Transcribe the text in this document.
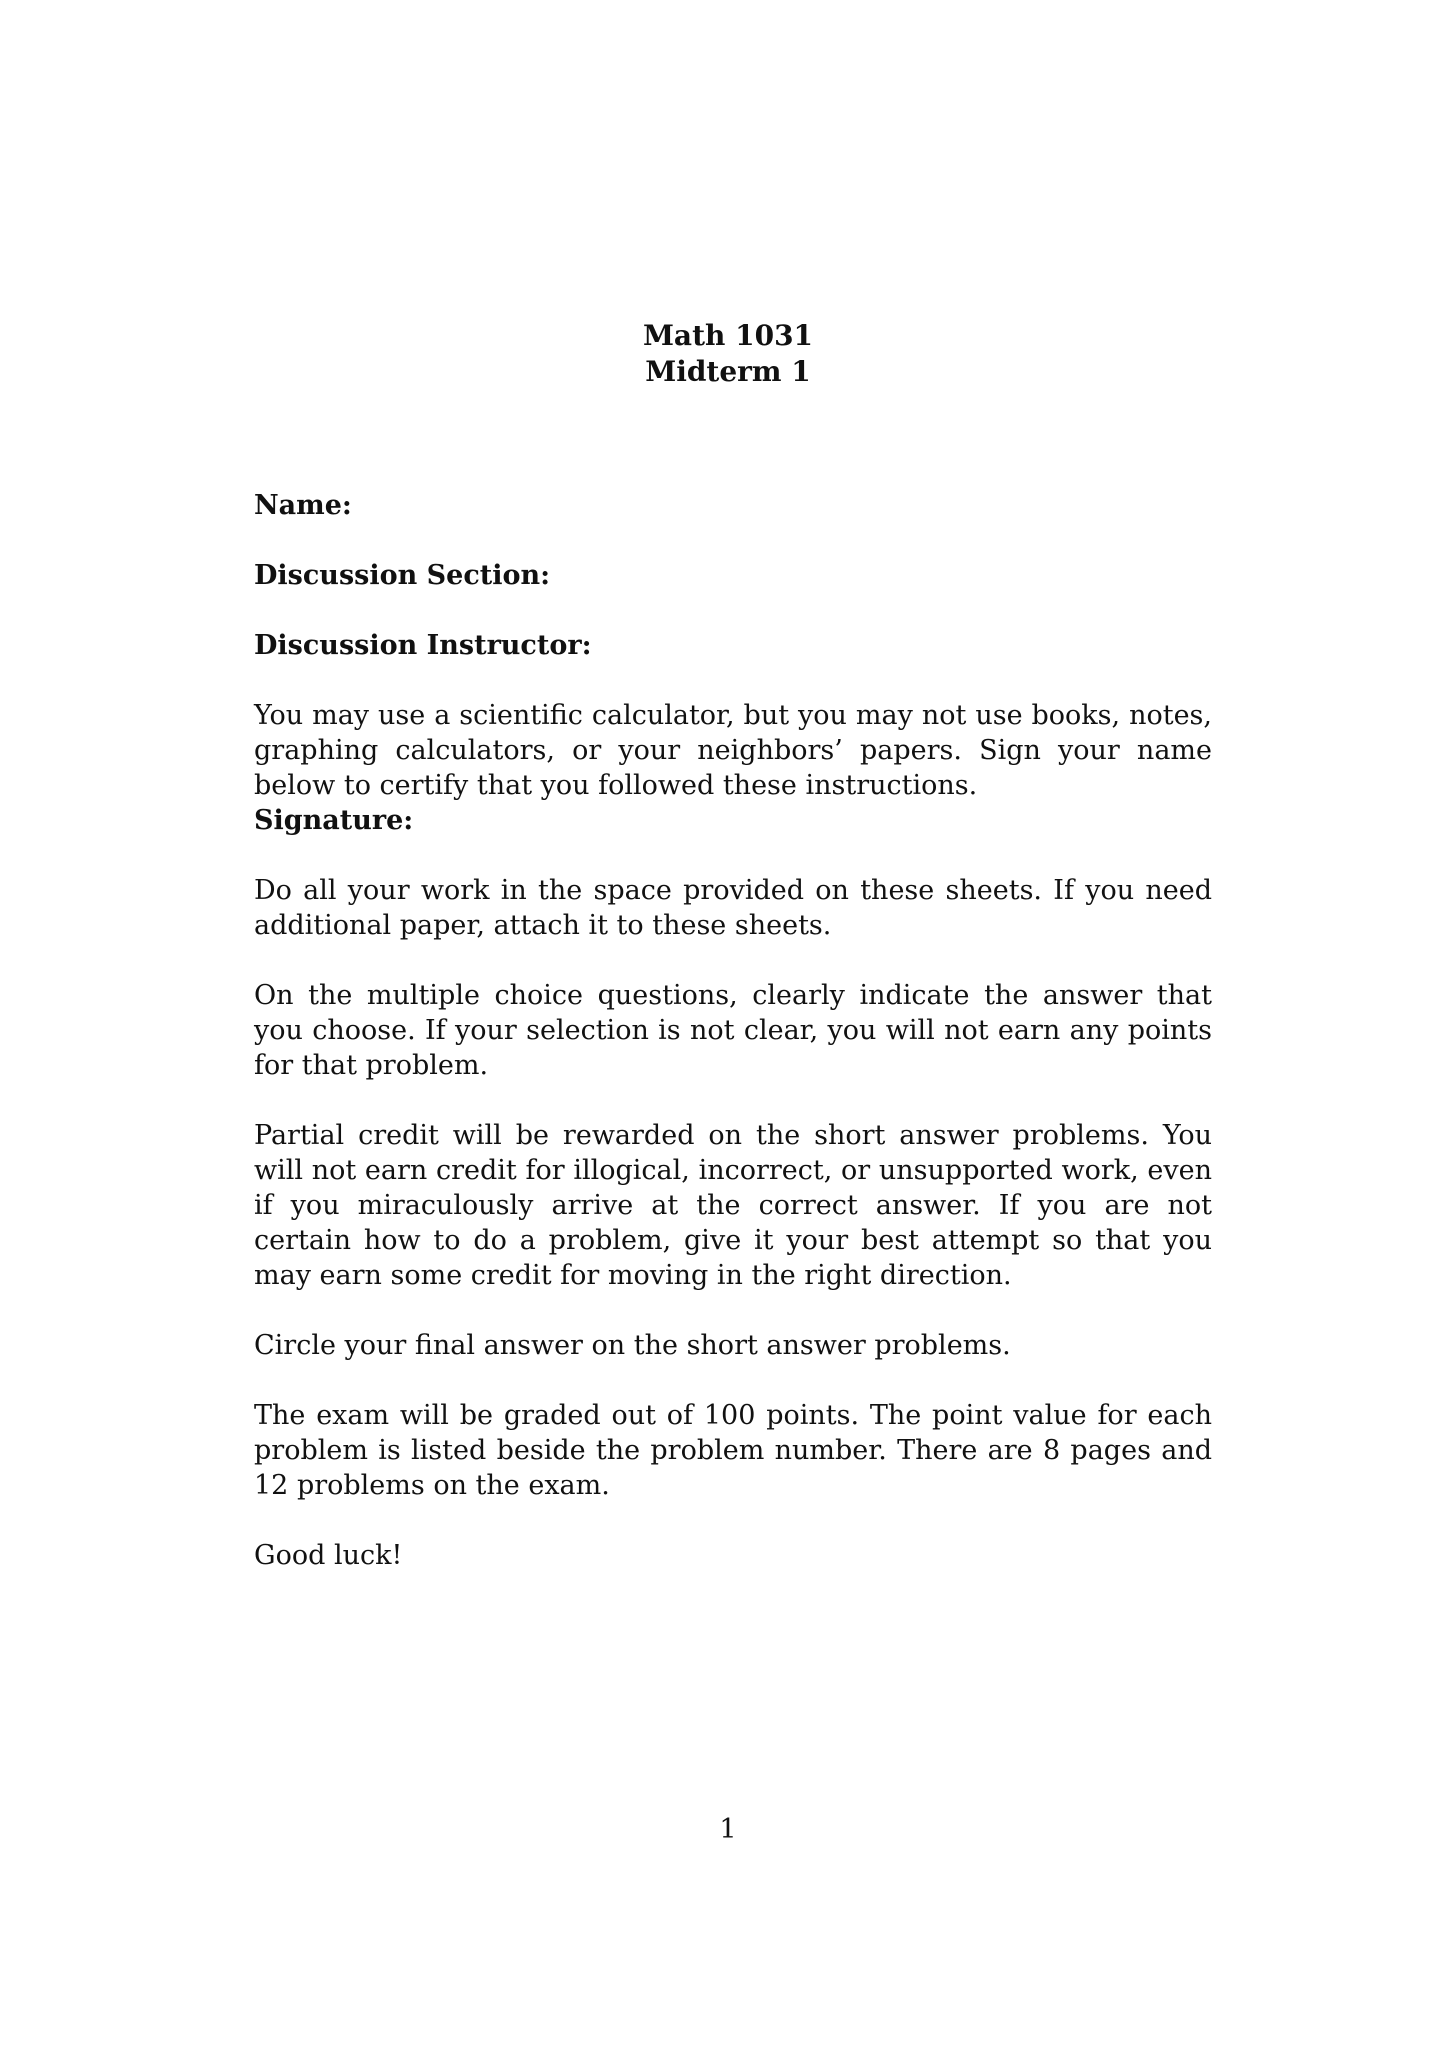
Math 1031
Midterm 1

Name:

Discussion Section:

Discussion Instructor:

You may use a scientific calculator, but you may not use books, notes, graphing calculators, or your neighbors’ papers. Sign your name below to certify that you followed these instructions.

Signature:

Do all your work in the space provided on these sheets. If you need additional paper, attach it to these sheets.

On the multiple choice questions, clearly indicate the answer that you choose. If your selection is not clear, you will not earn any points for that problem.

Partial credit will be rewarded on the short answer problems. You will not earn credit for illogical, incorrect, or unsupported work, even if you miraculously arrive at the correct answer. If you are not certain how to do a problem, give it your best attempt so that you may earn some credit for moving in the right direction.

Circle your final answer on the short answer problems.

The exam will be graded out of 100 points. The point value for each problem is listed beside the problem number. There are 8 pages and 12 problems on the exam.

Good luck!

1
